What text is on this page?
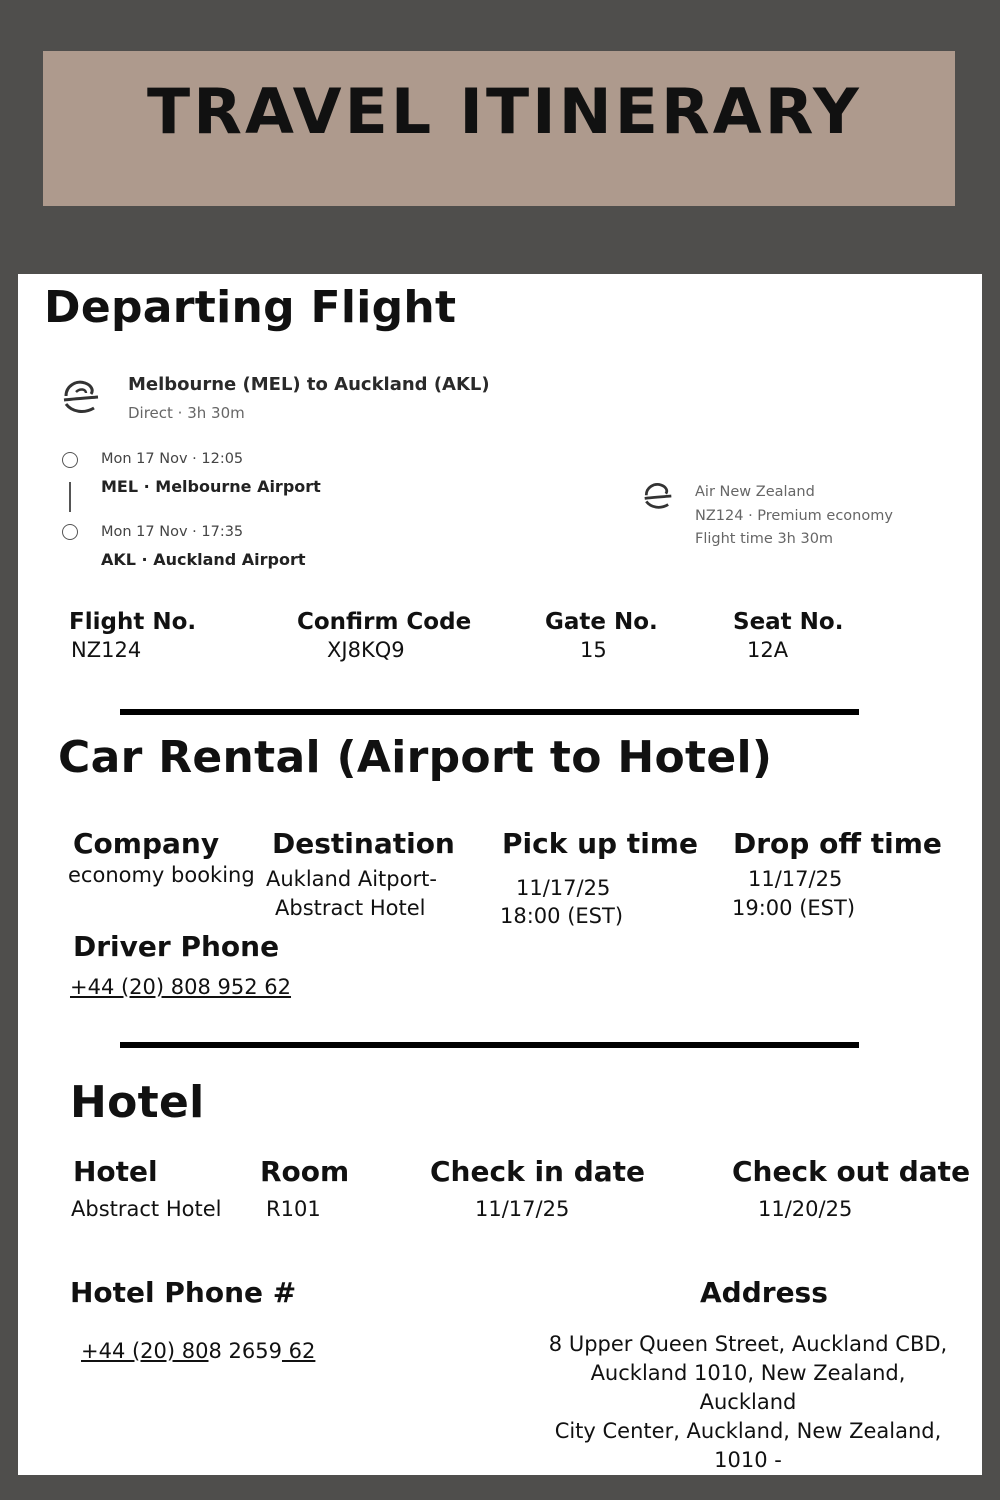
TRAVEL ITINERARY
Departing Flight
Melbourne (MEL) to Auckland (AKL)
Direct · 3h 30m
Mon 17 Nov · 12:05
MEL · Melbourne Airport
Mon 17 Nov · 17:35
AKL · Auckland Airport
Air New Zealand
NZ124 · Premium economy
Flight time 3h 30m
Flight No.
NZ124
Confirm Code
XJ8KQ9
Gate No.
15
Seat No.
12A
Car Rental (Airport to Hotel)
Company
economy booking
Destination
Aukland Aitport-
Abstract Hotel
Pick up time
11/17/25
18:00 (EST)
Drop off time
11/17/25
19:00 (EST)
Driver Phone
+44 (20) 808 952 62
Hotel
Hotel
Abstract Hotel
Room
R101
Check in date
11/17/25
Check out date
11/20/25
Hotel Phone #
+44 (20) 808 2659 62
Address
8 Upper Queen Street, Auckland CBD,
Auckland 1010, New Zealand, Auckland
City Center, Auckland, New Zealand,
1010 -
